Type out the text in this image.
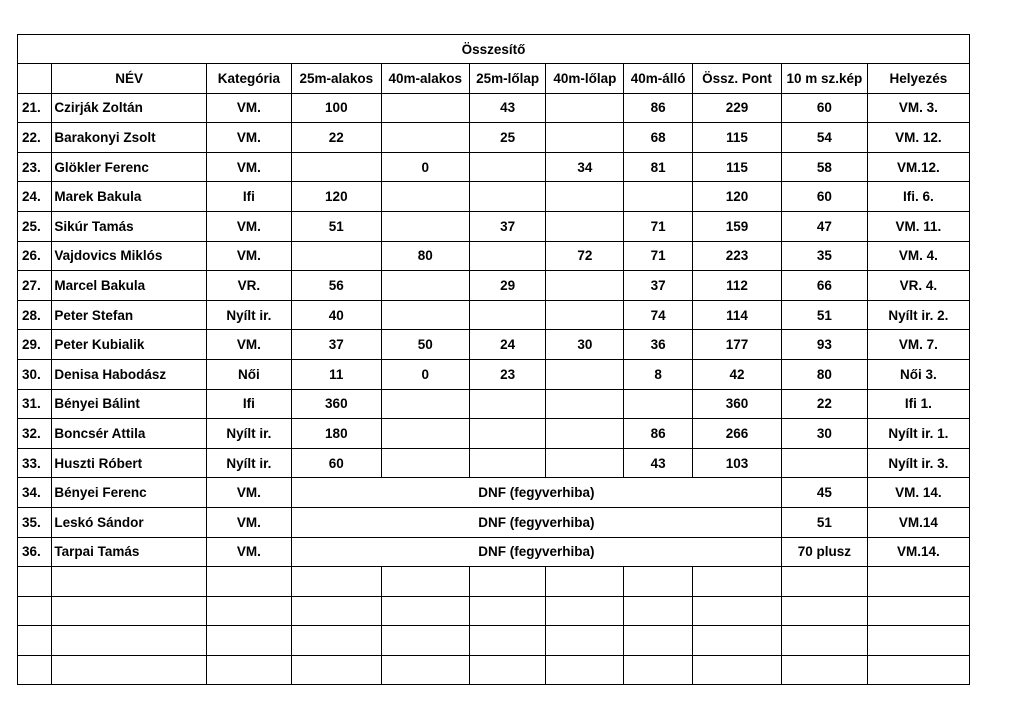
Összesítő										
	NÉV	Kategória	25m-alakos	40m-alakos	25m-lőlap	40m-lőlap	40m-álló	Össz. Pont	10 m sz.kép	Helyezés
21.	Czirják Zoltán	VM.	100		43		86	229	60	VM. 3.
22.	Barakonyi Zsolt	VM.	22		25		68	115	54	VM. 12.
23.	Glökler Ferenc	VM.		0		34	81	115	58	VM.12.
24.	Marek Bakula	Ifi	120					120	60	Ifi. 6.
25.	Sikúr Tamás	VM.	51		37		71	159	47	VM. 11.
26.	Vajdovics Miklós	VM.		80		72	71	223	35	VM. 4.
27.	Marcel Bakula	VR.	56		29		37	112	66	VR. 4.
28.	Peter Stefan	Nyílt ir.	40				74	114	51	Nyílt ir. 2.
29.	Peter Kubialik	VM.	37	50	24	30	36	177	93	VM. 7.
30.	Denisa Habodász	Női	11	0	23		8	42	80	Női 3.
31.	Bényei Bálint	Ifi	360					360	22	Ifi 1.
32.	Boncsér Attila	Nyílt ir.	180				86	266	30	Nyílt ir. 1.
33.	Huszti Róbert	Nyílt ir.	60				43	103		Nyílt ir. 3.
34.	Bényei Ferenc	VM.	DNF (fegyverhiba)						45	VM. 14.
35.	Leskó Sándor	VM.	DNF (fegyverhiba)						51	VM.14
36.	Tarpai Tamás	VM.	DNF (fegyverhiba)						70 plusz	VM.14.
